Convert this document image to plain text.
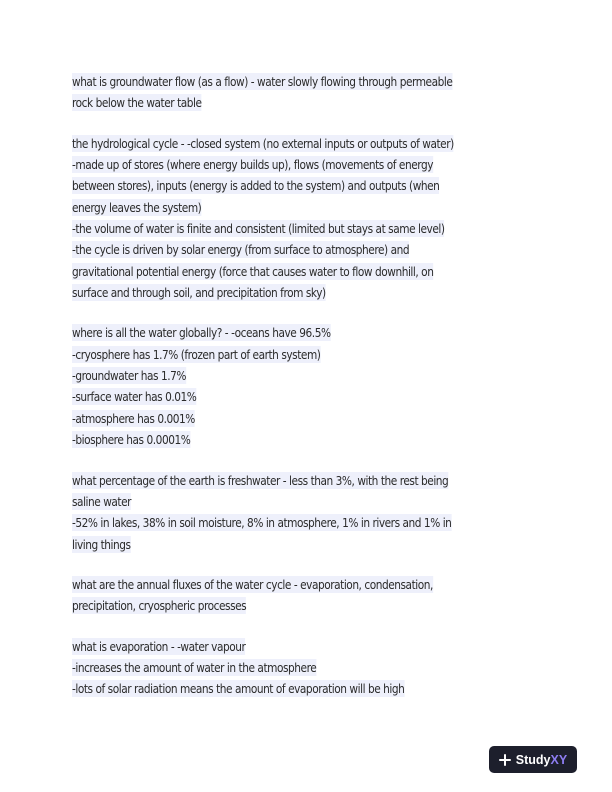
what is groundwater flow (as a flow) - water slowly flowing through permeable
rock below the water table
the hydrological cycle - -closed system (no external inputs or outputs of water)
-made up of stores (where energy builds up), flows (movements of energy
between stores), inputs (energy is added to the system) and outputs (when
energy leaves the system)
-the volume of water is finite and consistent (limited but stays at same level)
-the cycle is driven by solar energy (from surface to atmosphere) and
gravitational potential energy (force that causes water to flow downhill, on
surface and through soil, and precipitation from sky)
where is all the water globally? - -oceans have 96.5%
-cryosphere has 1.7% (frozen part of earth system)
-groundwater has 1.7%
-surface water has 0.01%
-atmosphere has 0.001%
-biosphere has 0.0001%
what percentage of the earth is freshwater - less than 3%, with the rest being
saline water
-52% in lakes, 38% in soil moisture, 8% in atmosphere, 1% in rivers and 1% in
living things
what are the annual fluxes of the water cycle - evaporation, condensation,
precipitation, cryospheric processes
what is evaporation - -water vapour
-increases the amount of water in the atmosphere
-lots of solar radiation means the amount of evaporation will be high
StudyXY
